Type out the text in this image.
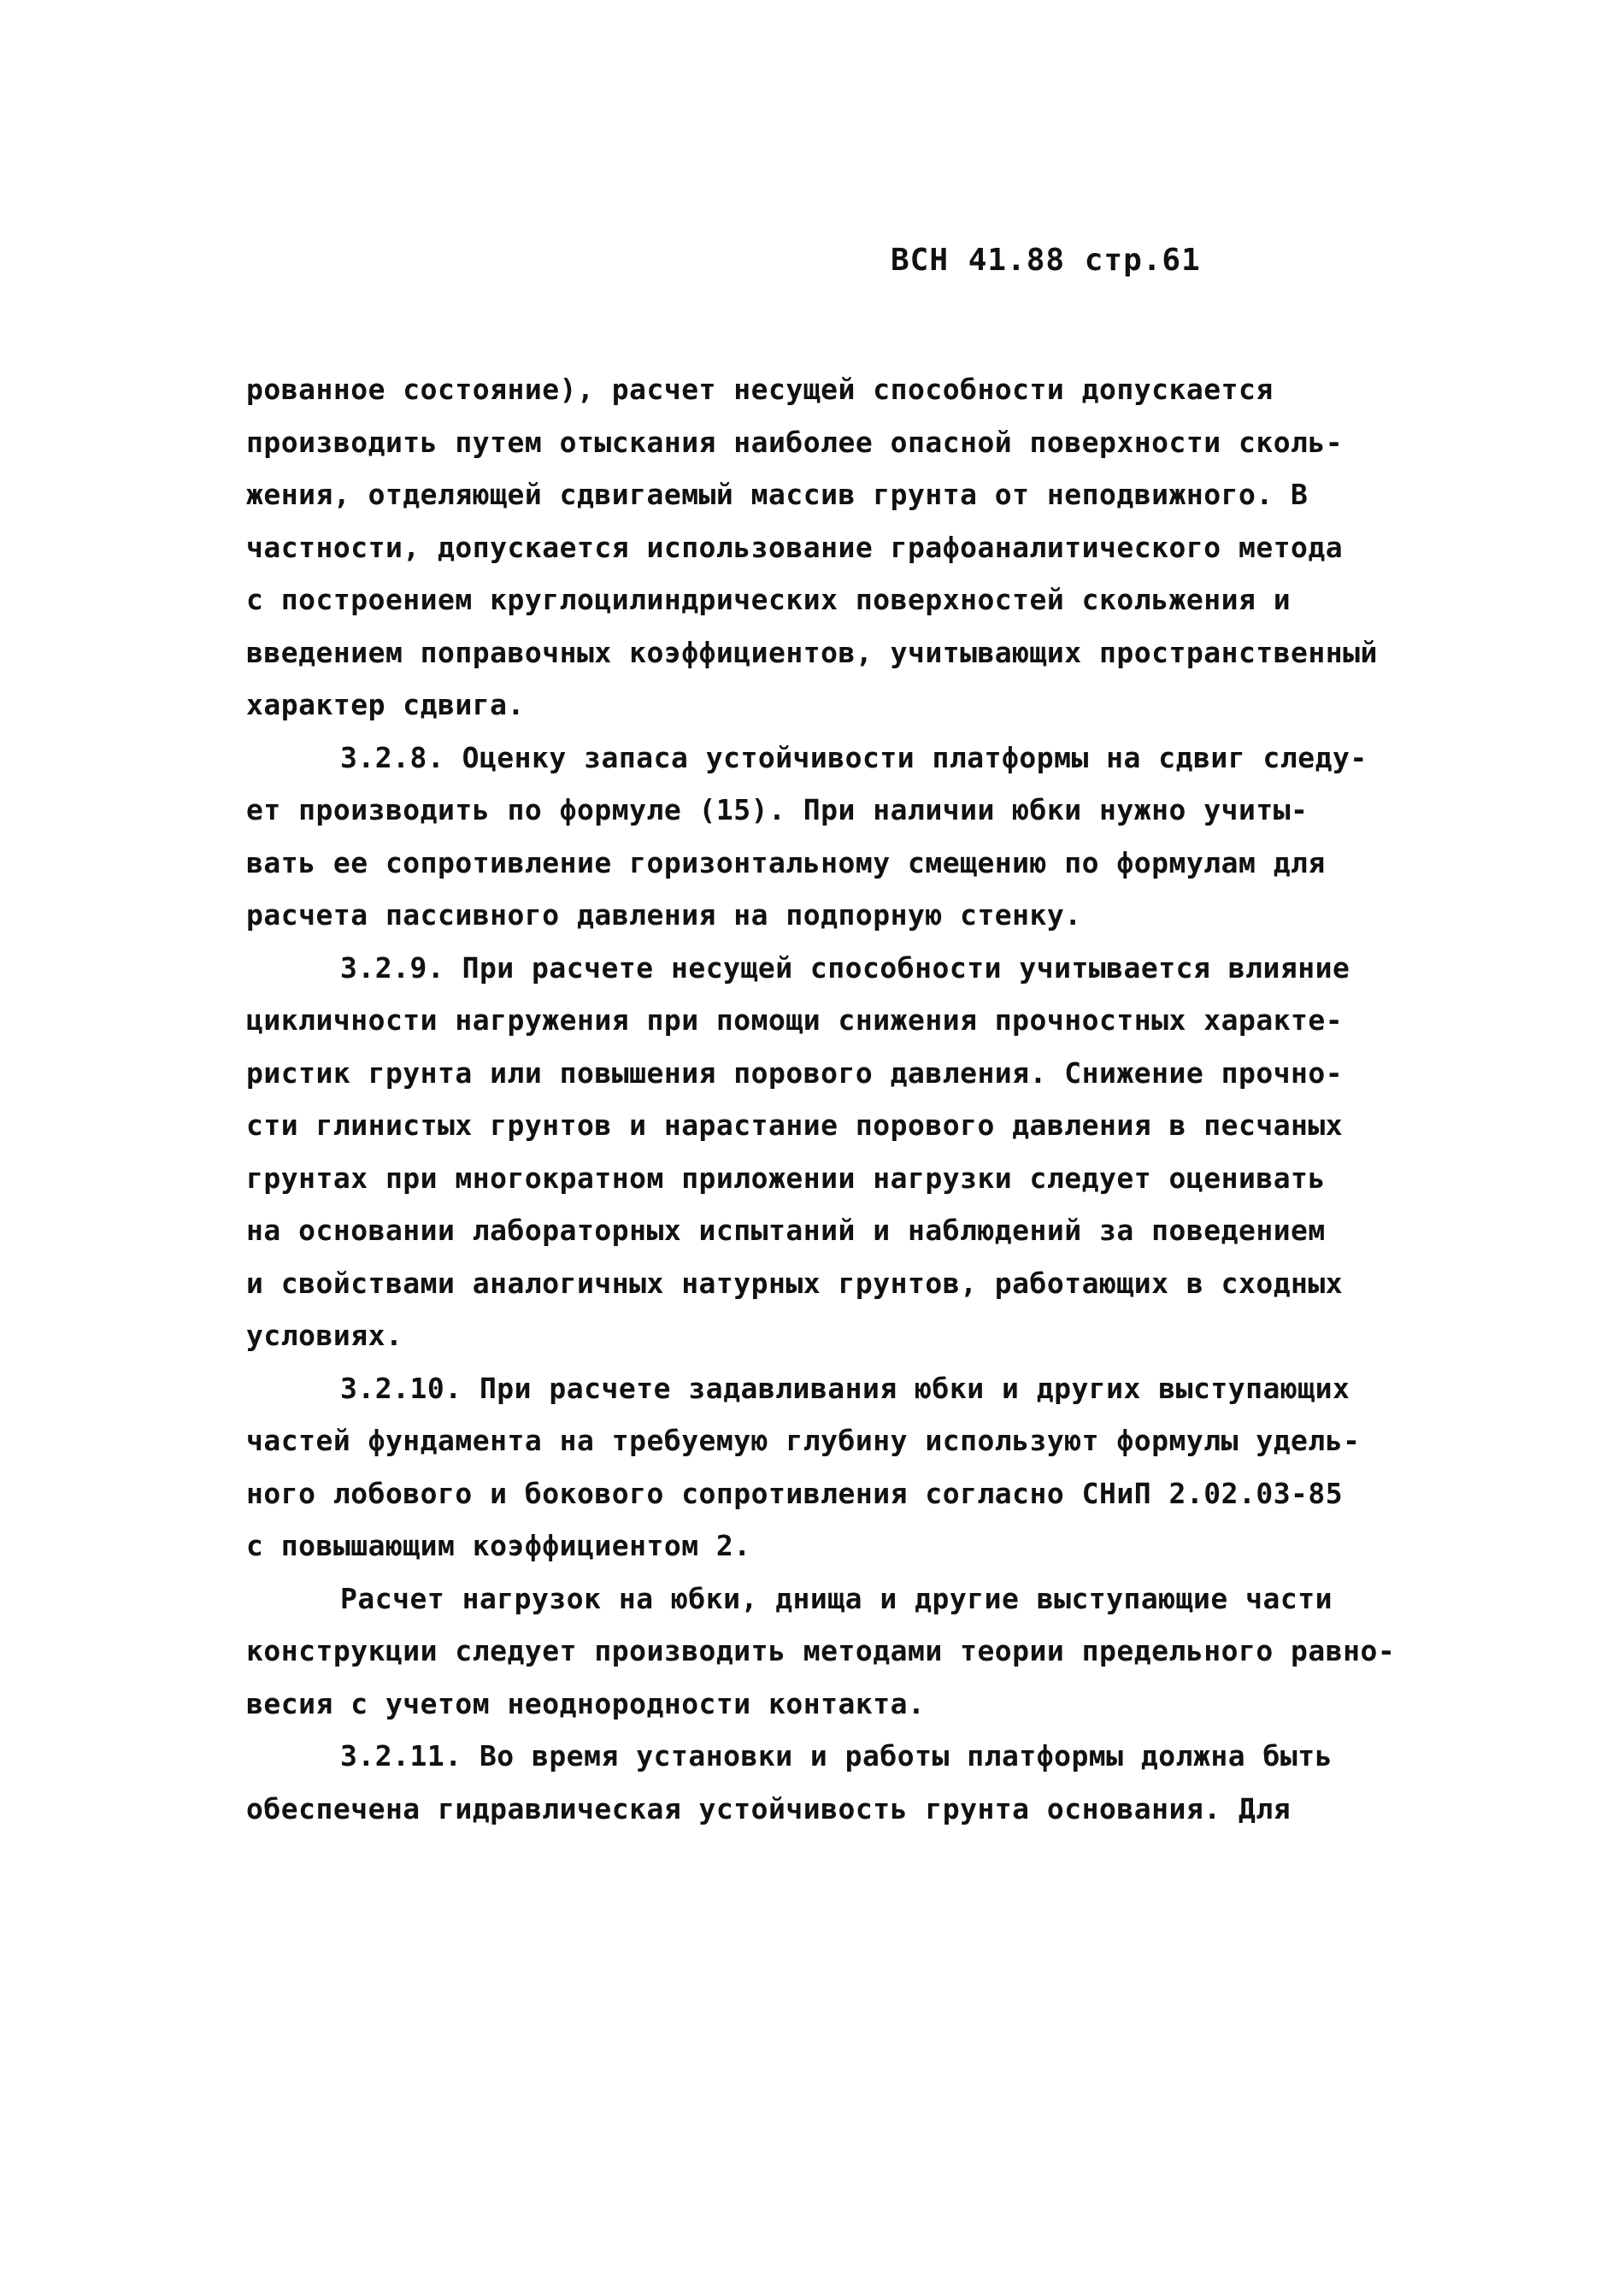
ВСН 41.88 стр.61
рованное состояние), расчет несущей способности допускается
производить путем отыскания наиболее опасной поверхности сколь-
жения, отделяющей сдвигаемый массив грунта от неподвижного. В
частности, допускается использование графоаналитического метода
с построением круглоцилиндрических поверхностей скольжения и
введением поправочных коэффициентов, учитывающих пространственный
характер сдвига.
3.2.8. Оценку запаса устойчивости платформы на сдвиг следу-
ет производить по формуле (15). При наличии юбки нужно учиты-
вать ее сопротивление горизонтальному смещению по формулам для
расчета пассивного давления на подпорную стенку.
3.2.9. При расчете несущей способности учитывается влияние
цикличности нагружения при помощи снижения прочностных характе-
ристик грунта или повышения порового давления. Снижение прочно-
сти глинистых грунтов и нарастание порового давления в песчаных
грунтах при многократном приложении нагрузки следует оценивать
на основании лабораторных испытаний и наблюдений за поведением
и свойствами аналогичных натурных грунтов, работающих в сходных
условиях.
3.2.10. При расчете задавливания юбки и других выступающих
частей фундамента на требуемую глубину используют формулы удель-
ного лобового и бокового сопротивления согласно СНиП 2.02.03-85
с повышающим коэффициентом 2.
Расчет нагрузок на юбки, днища и другие выступающие части
конструкции следует производить методами теории предельного равно-
весия с учетом неоднородности контакта.
3.2.11. Во время установки и работы платформы должна быть
обеспечена гидравлическая устойчивость грунта основания. Для
